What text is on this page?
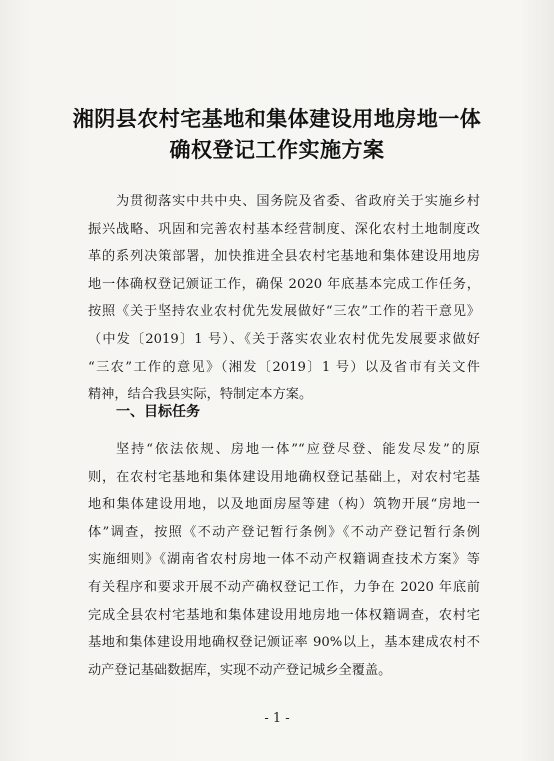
湘阴县农村宅基地和集体建设用地房地一体
确权登记工作实施方案
为贯彻落实中共中央、国务院及省委、省政府关于实施乡村
振兴战略、巩固和完善农村基本经营制度、深化农村土地制度改
革的系列决策部署，加快推进全县农村宅基地和集体建设用地房
地一体确权登记颁证工作，确保 2020 年底基本完成工作任务，
按照《关于坚持农业农村优先发展做好“三农”工作的若干意见》
（中发〔2019〕1 号）、《关于落实农业农村优先发展要求做好
“三农”工作的意见》（湘发〔2019〕1 号）以及省市有关文件
精神，结合我县实际，特制定本方案。
一、目标任务
坚持“依法依规、房地一体”“应登尽登、能发尽发”的原
则，在农村宅基地和集体建设用地确权登记基础上，对农村宅基
地和集体建设用地，以及地面房屋等建（构）筑物开展“房地一
体”调查，按照《不动产登记暂行条例》《不动产登记暂行条例
实施细则》《湖南省农村房地一体不动产权籍调查技术方案》等
有关程序和要求开展不动产确权登记工作，力争在 2020 年底前
完成全县农村宅基地和集体建设用地房地一体权籍调查，农村宅
基地和集体建设用地确权登记颁证率 90%以上，基本建成农村不
动产登记基础数据库，实现不动产登记城乡全覆盖。
- 1 -
